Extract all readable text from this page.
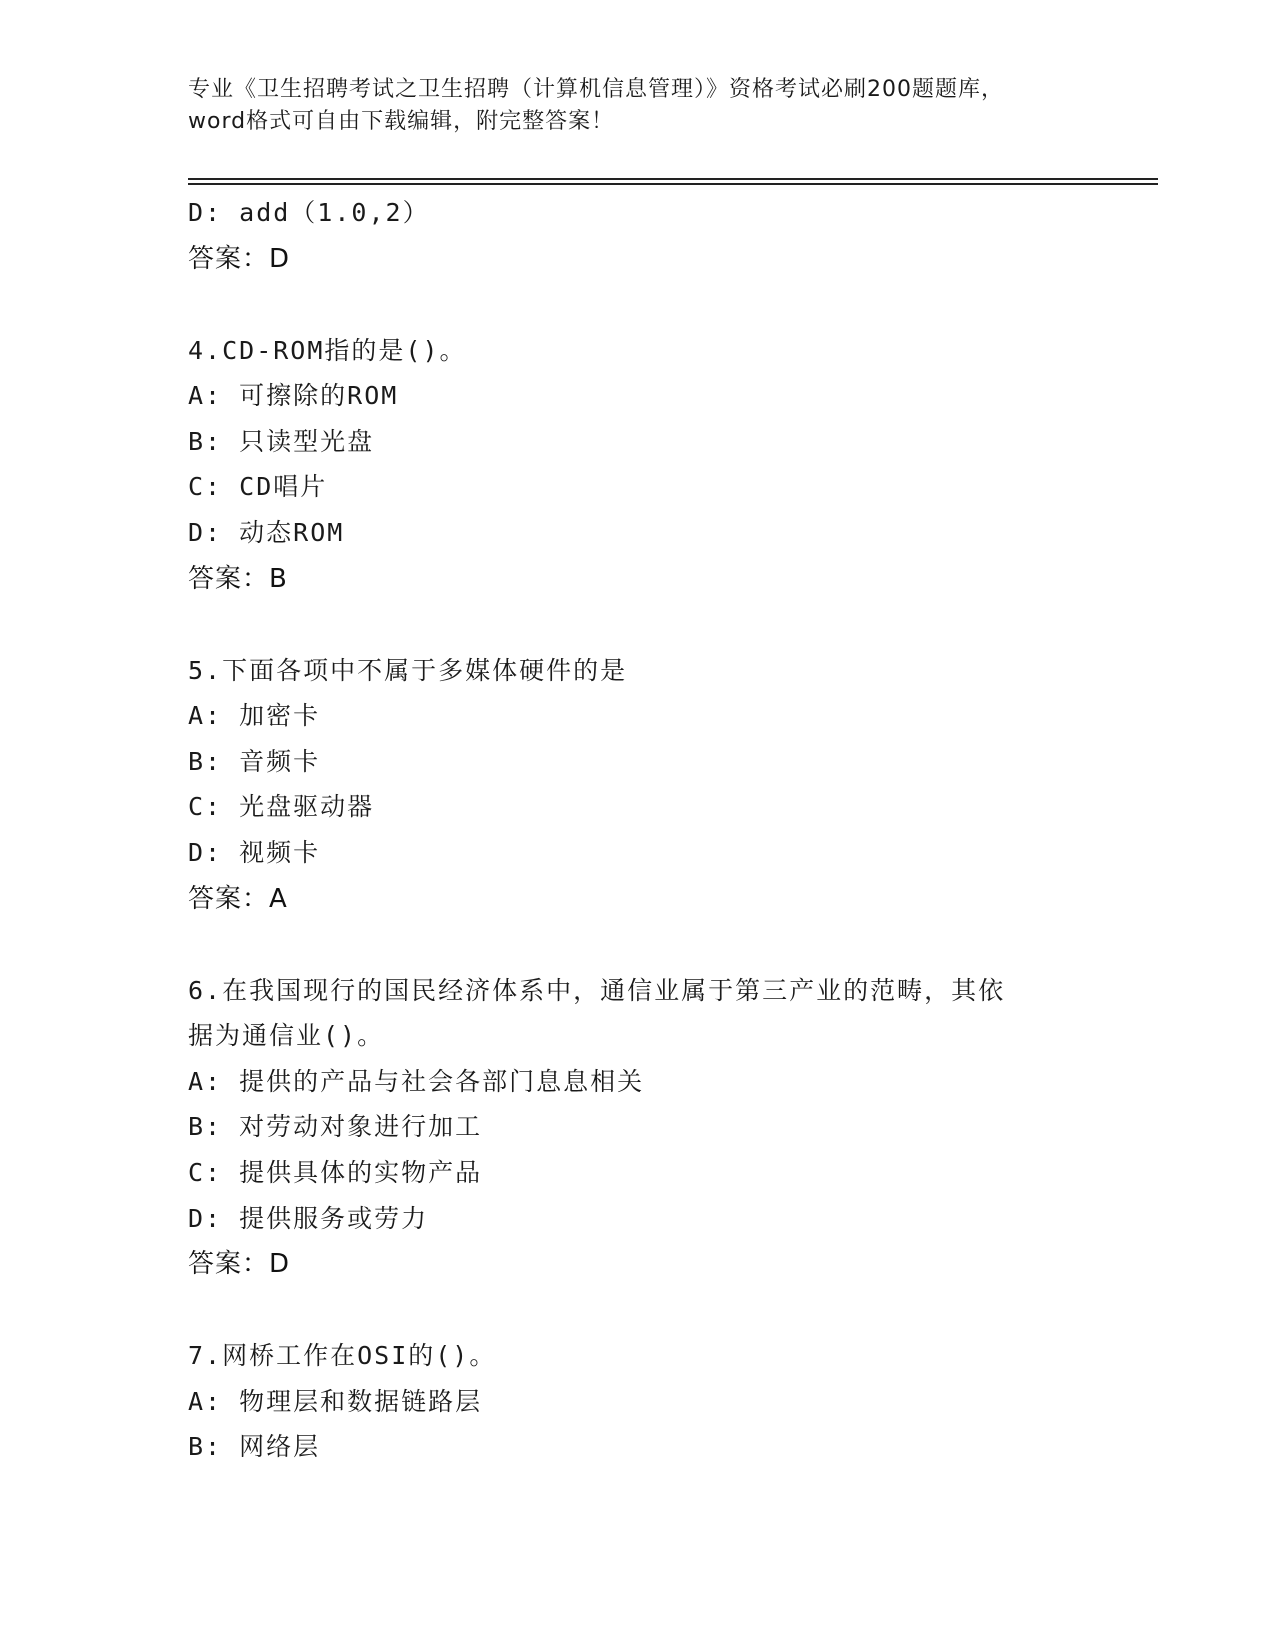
专业《卫生招聘考试之卫生招聘（计算机信息管理）》资格考试必刷200题题库，
word格式可自由下载编辑，附完整答案！
D: add（1.0,2）
答案：D
4.CD-ROM指的是()。
A: 可擦除的ROM
B: 只读型光盘
C: CD唱片
D: 动态ROM
答案：B
5.下面各项中不属于多媒体硬件的是
A: 加密卡
B: 音频卡
C: 光盘驱动器
D: 视频卡
答案：A
6.在我国现行的国民经济体系中，通信业属于第三产业的范畴，其依
据为通信业()。
A: 提供的产品与社会各部门息息相关
B: 对劳动对象进行加工
C: 提供具体的实物产品
D: 提供服务或劳力
答案：D
7.网桥工作在OSI的()。
A: 物理层和数据链路层
B: 网络层
